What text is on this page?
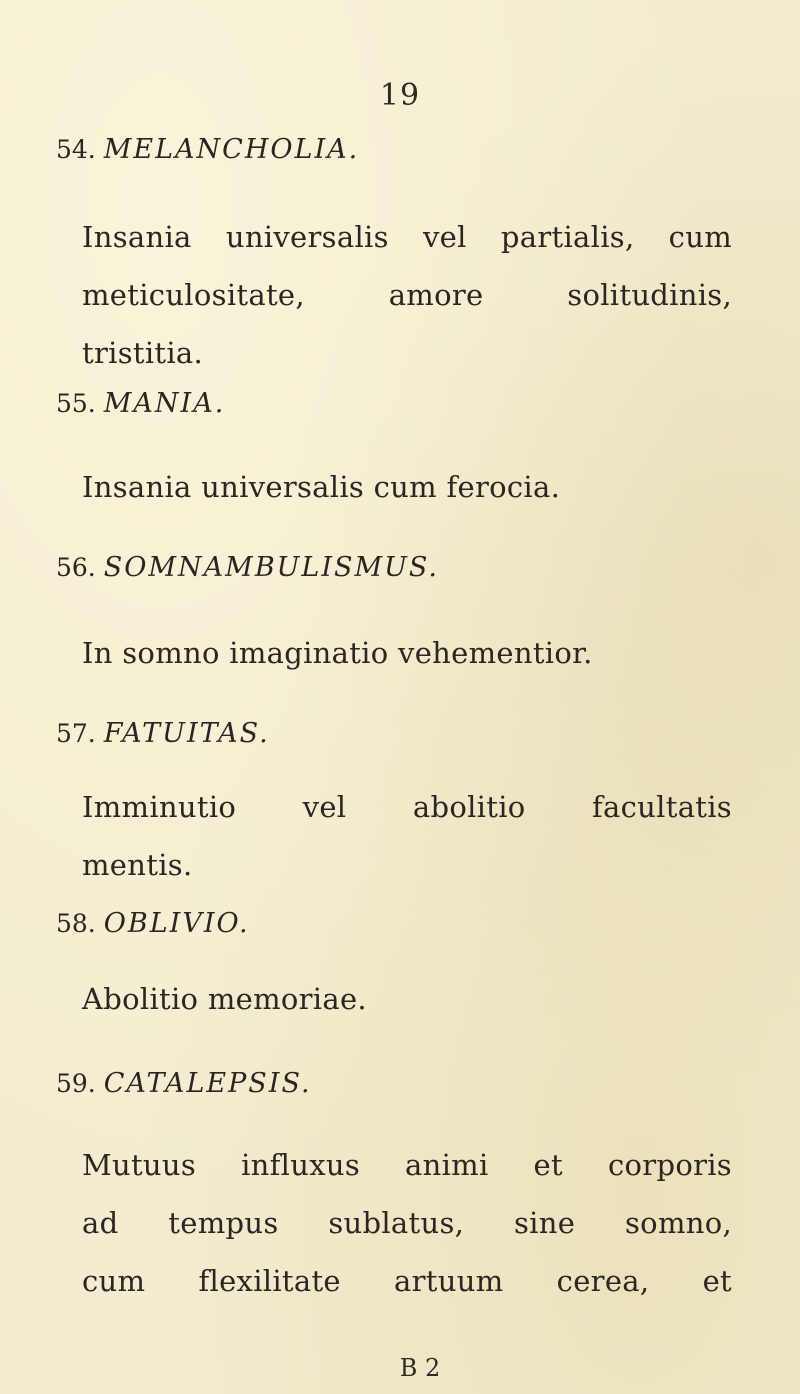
19
54. MELANCHOLIA.
Insania universalis vel partialis, cum
meticulositate, amore solitudinis,
tristitia.
55. MANIA.
Insania universalis cum ferocia.
56. SOMNAMBULISMUS.
In somno imaginatio vehementior.
57. FATUITAS.
Imminutio vel abolitio facultatis
mentis.
58. OBLIVIO.
Abolitio memoriae.
59. CATALEPSIS.
Mutuus influxus animi et corporis
ad tempus sublatus, sine somno,
cum flexilitate artuum cerea, et
B 2
